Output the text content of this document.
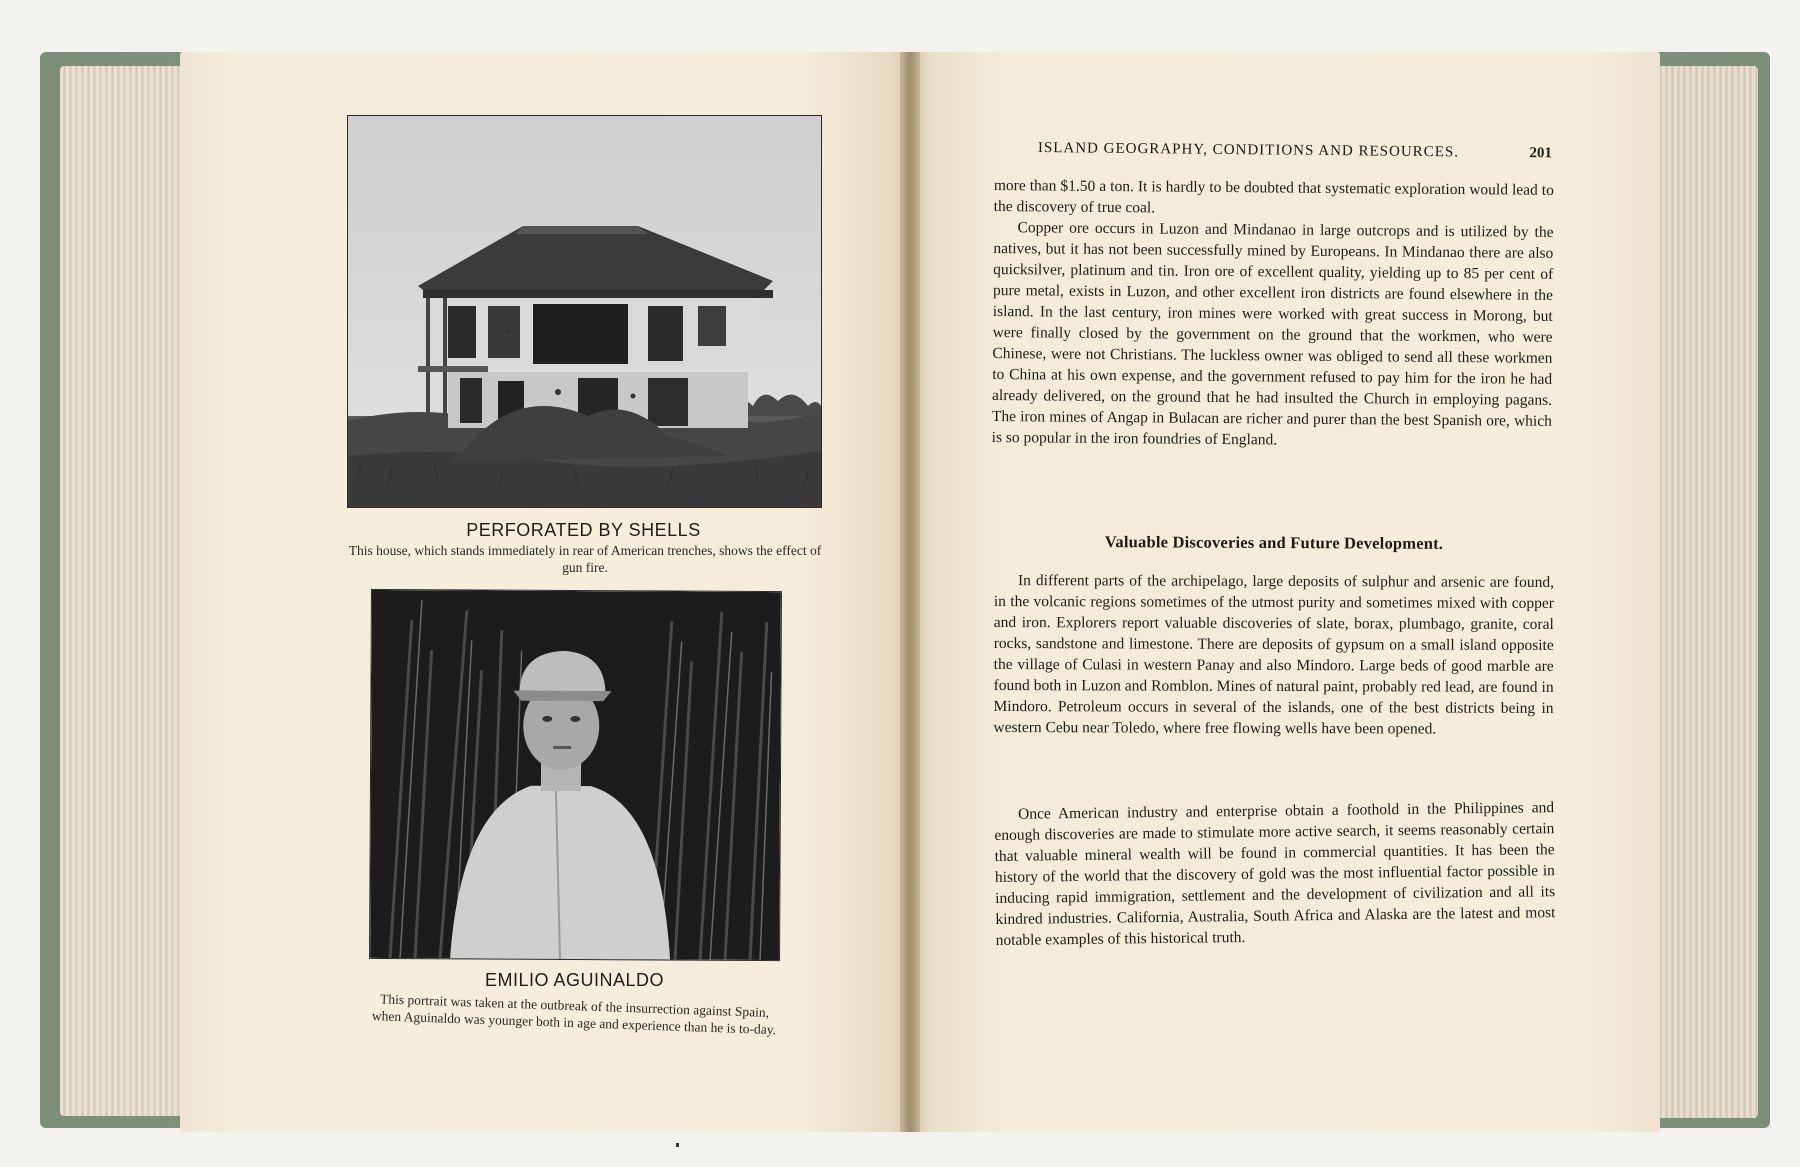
PERFORATED BY SHELLS
This house, which stands immediately in rear of American trenches, shows the effect of gun fire.
EMILIO AGUINALDO
This portrait was taken at the outbreak of the insurrection against Spain, when Aguinaldo was younger both in age and experience than he is to-day.
ISLAND GEOGRAPHY, CONDITIONS AND RESOURCES.	201

more than $1.50 a ton. It is hardly to be doubted that systematic exploration would lead to the discovery of true coal.

Copper ore occurs in Luzon and Mindanao in large outcrops and is utilized by the natives, but it has not been successfully mined by Europeans. In Mindanao there are also quicksilver, platinum and tin. Iron ore of excellent quality, yielding up to 85 per cent of pure metal, exists in Luzon, and other excellent iron districts are found elsewhere in the island. In the last century, iron mines were worked with great success in Morong, but were finally closed by the government on the ground that the workmen, who were Chinese, were not Christians. The luckless owner was obliged to send all these workmen to China at his own expense, and the government refused to pay him for the iron he had already delivered, on the ground that he had insulted the Church in employing pagans. The iron mines of Angap in Bulacan are richer and purer than the best Spanish ore, which is so popular in the iron foundries of England.

Valuable Discoveries and Future Development.

In different parts of the archipelago, large deposits of sulphur and arsenic are found, in the volcanic regions sometimes of the utmost purity and sometimes mixed with copper and iron. Explorers report valuable discoveries of slate, borax, plumbago, granite, coral rocks, sandstone and limestone. There are deposits of gypsum on a small island opposite the village of Culasi in western Panay and also Mindoro. Large beds of good marble are found both in Luzon and Romblon. Mines of natural paint, probably red lead, are found in Mindoro. Petroleum occurs in several of the islands, one of the best districts being in western Cebu near Toledo, where free flowing wells have been opened.

Once American industry and enterprise obtain a foothold in the Philippines and enough discoveries are made to stimulate more active search, it seems reasonably certain that valuable mineral wealth will be found in commercial quantities. It has been the history of the world that the discovery of gold was the most influential factor possible in inducing rapid immigration, settlement and the development of civilization and all its kindred industries. California, Australia, South Africa and Alaska are the latest and most notable examples of this historical truth.
